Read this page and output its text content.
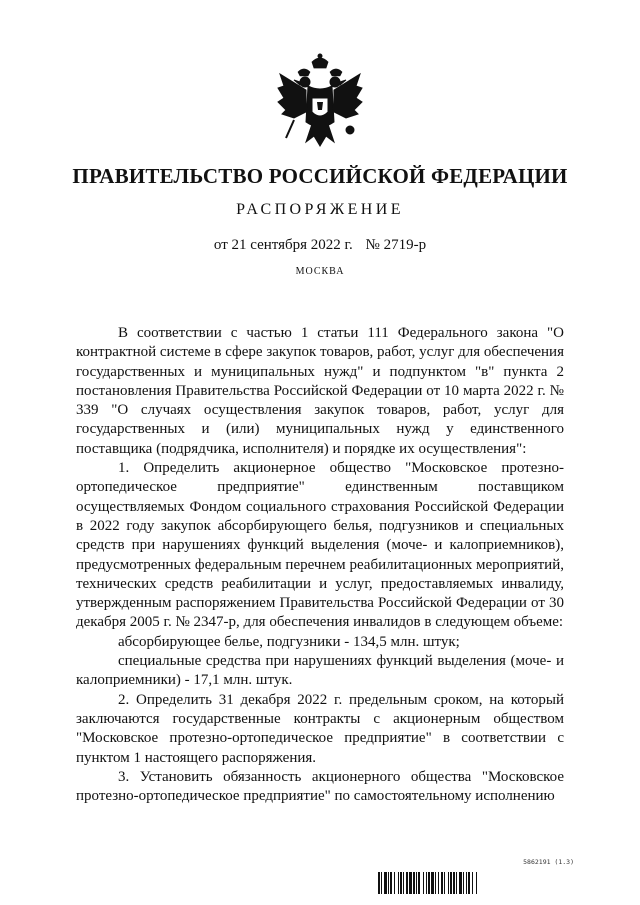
ПРАВИТЕЛЬСТВО РОССИЙСКОЙ ФЕДЕРАЦИИ
РАСПОРЯЖЕНИЕ
от 21 сентября 2022 г. № 2719-р
МОСКВА

В соответствии с частью 1 статьи 111 Федерального закона "О контрактной системе в сфере закупок товаров, работ, услуг для обеспечения государственных и муниципальных нужд" и подпунктом "в" пункта 2 постановления Правительства Российской Федерации от 10 марта 2022 г. № 339 "О случаях осуществления закупок товаров, работ, услуг для государственных и (или) муниципальных нужд у единственного поставщика (подрядчика, исполнителя) и порядке их осуществления":

1. Определить акционерное общество "Московское протезно-ортопедическое предприятие" единственным поставщиком осуществляемых Фондом социального страхования Российской Федерации в 2022 году закупок абсорбирующего белья, подгузников и специальных средств при нарушениях функций выделения (моче- и калоприемников), предусмотренных федеральным перечнем реабилитационных мероприятий, технических средств реабилитации и услуг, предоставляемых инвалиду, утвержденным распоряжением Правительства Российской Федерации от 30 декабря 2005 г. № 2347-р, для обеспечения инвалидов в следующем объеме:

абсорбирующее белье, подгузники - 134,5 млн. штук;

специальные средства при нарушениях функций выделения (моче- и калоприемники) - 17,1 млн. штук.

2. Определить 31 декабря 2022 г. предельным сроком, на который заключаются государственные контракты с акционерным обществом "Московское протезно-ортопедическое предприятие" в соответствии с пунктом 1 настоящего распоряжения.

3. Установить обязанность акционерного общества "Московское протезно-ортопедическое предприятие" по самостоятельному исполнению

5862191 (1.3)
